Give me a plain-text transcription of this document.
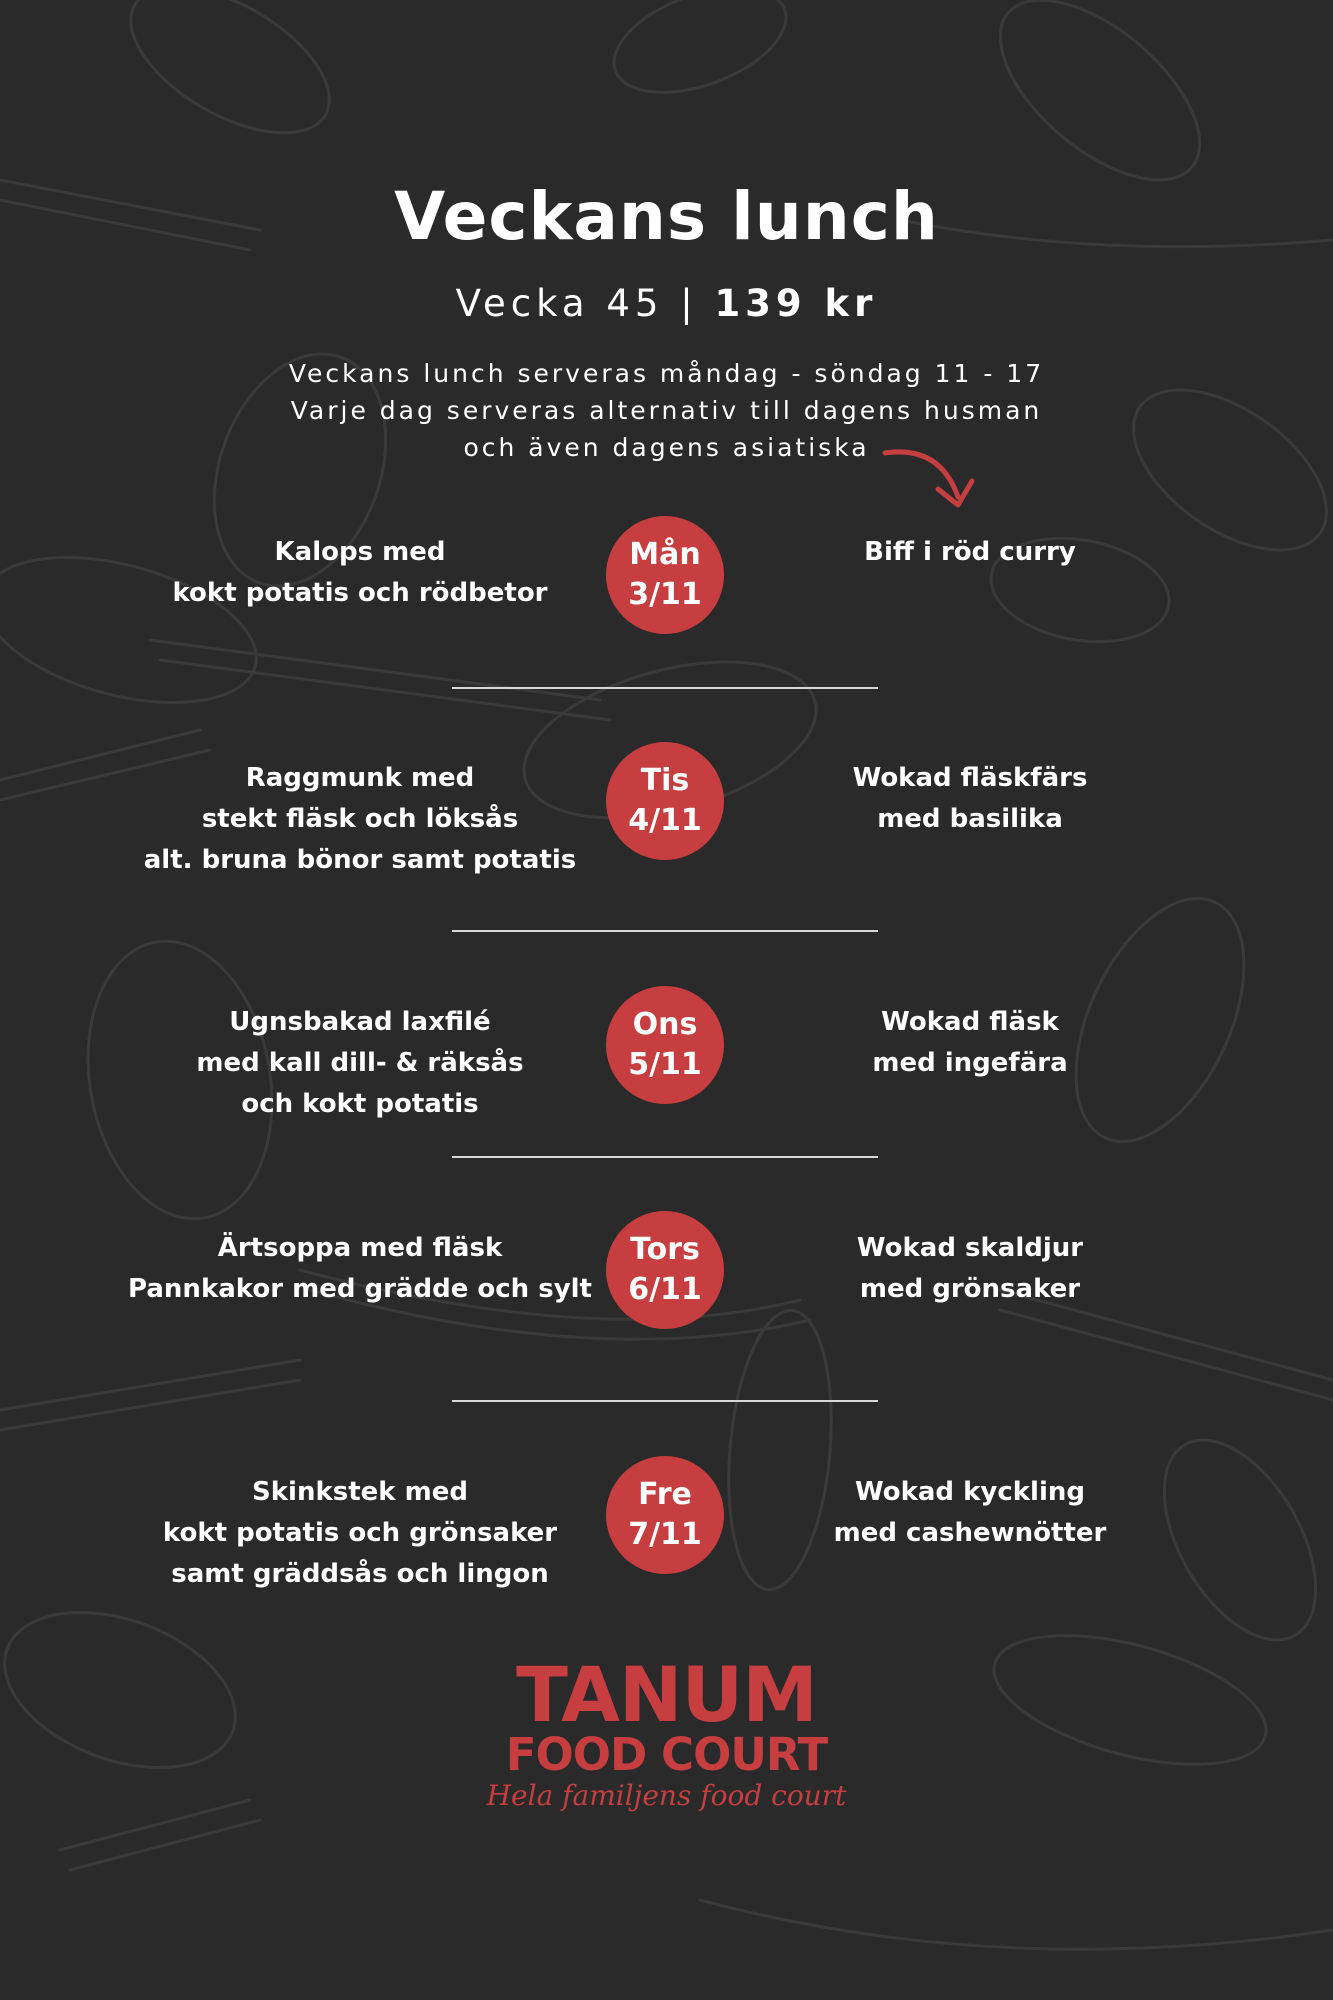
Veckans lunch
Vecka 45 | 139 kr
Veckans lunch serveras måndag - söndag 11 - 17
Varje dag serveras alternativ till dagens husman
och även dagens asiatiska
Kalops med
kokt potatis och rödbetor
Mån
3/11
Biff i röd curry
Raggmunk med
stekt fläsk och löksås
alt. bruna bönor samt potatis
Tis
4/11
Wokad fläskfärs
med basilika
Ugnsbakad laxfilé
med kall dill- & räksås
och kokt potatis
Ons
5/11
Wokad fläsk
med ingefära
Ärtsoppa med fläsk
Pannkakor med grädde och sylt
Tors
6/11
Wokad skaldjur
med grönsaker
Skinkstek med
kokt potatis och grönsaker
samt gräddsås och lingon
Fre
7/11
Wokad kyckling
med cashewnötter
TANUM
FOOD COURT
Hela familjens food court
